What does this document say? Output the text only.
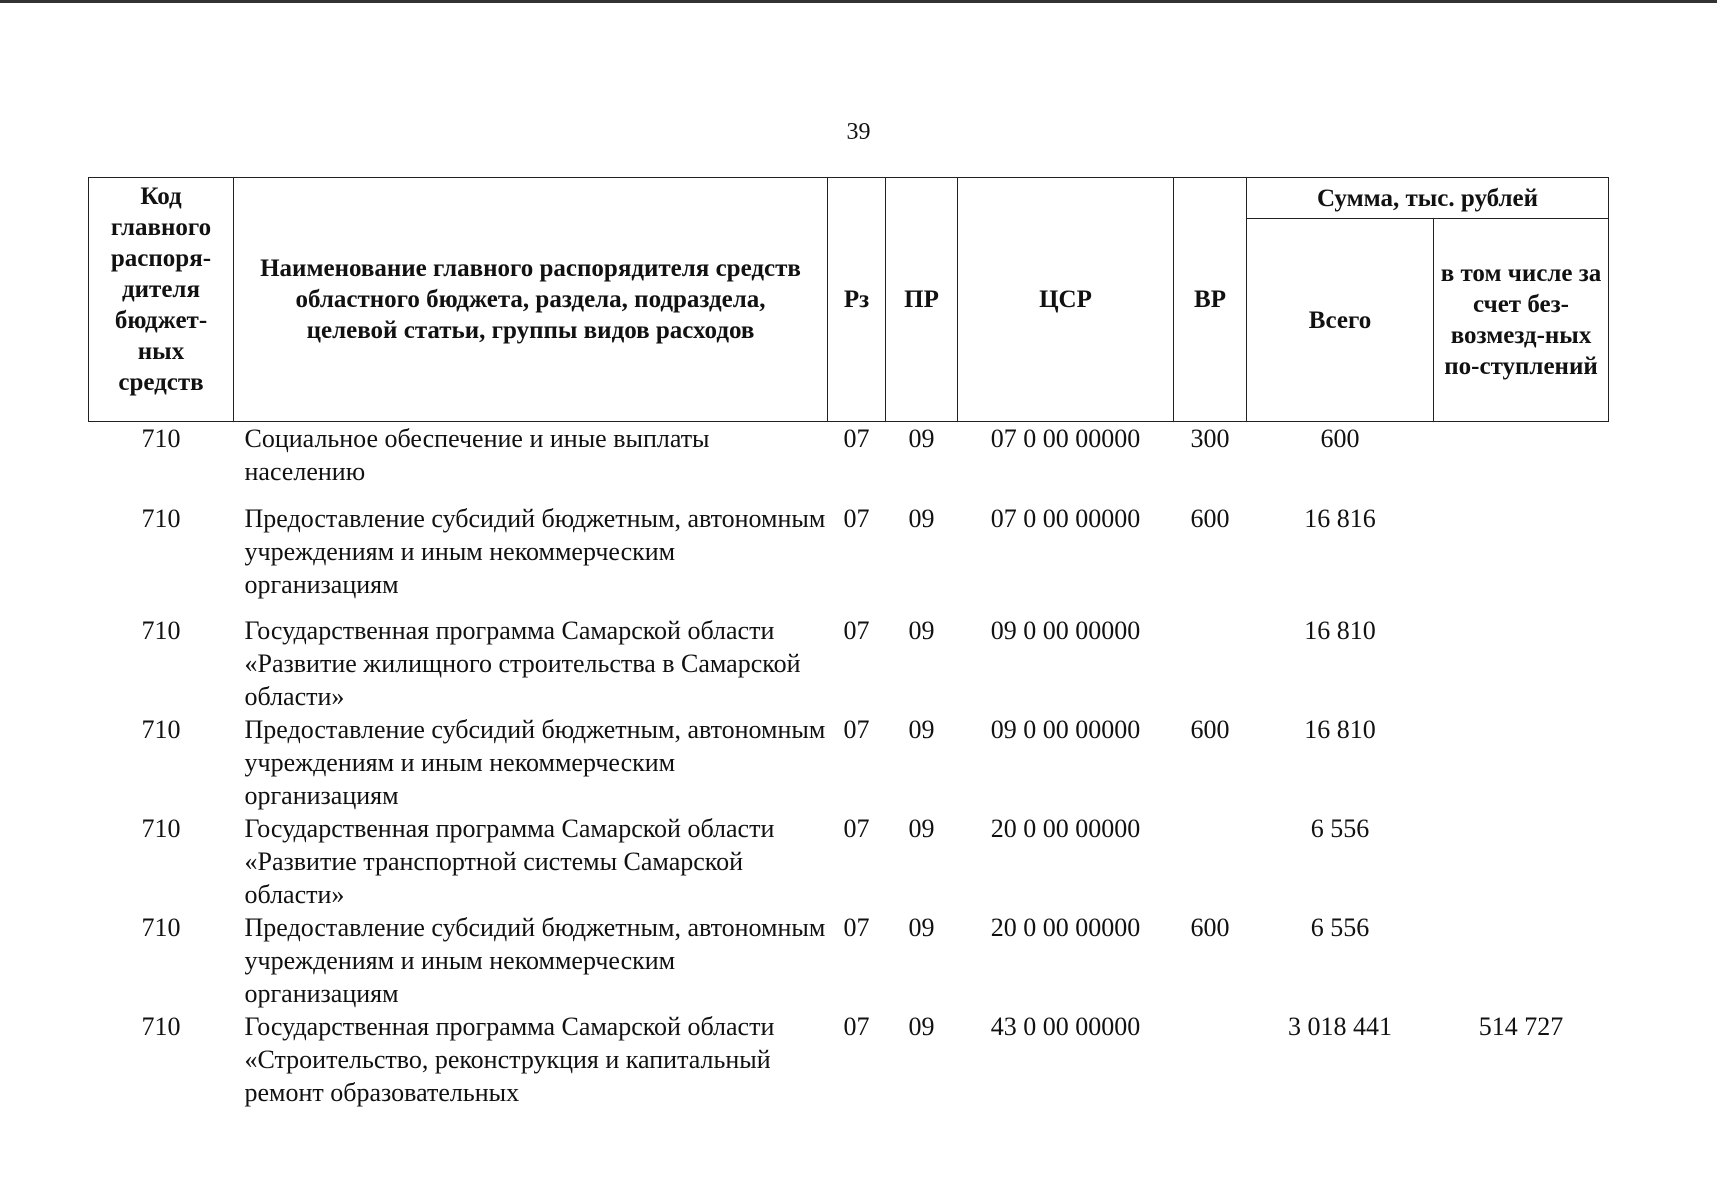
39
Код главного распоря-дителя бюджет-ных средств	Наименование главного распорядителя средств областного бюджета, раздела, подраздела, целевой статьи, группы видов расходов	Рз	ПР	ЦСР	ВР	Сумма, тыс. рублей	
						Всего	в том числе за счет без-возмезд-ных по-ступлений
710	Социальное обеспечение и иные выплаты населению	07	09	07 0 00 00000	300	600	
710	Предоставление субсидий бюджетным, автономным учреждениям и иным некоммерческим организациям	07	09	07 0 00 00000	600	16 816	
710	Государственная программа Самарской области «Развитие жилищного строительства в Самарской области»	07	09	09 0 00 00000		16 810	
710	Предоставление субсидий бюджетным, автономным учреждениям и иным некоммерческим организациям	07	09	09 0 00 00000	600	16 810	
710	Государственная программа Самарской области «Развитие транспортной системы Самарской области»	07	09	20 0 00 00000		6 556	
710	Предоставление субсидий бюджетным, автономным учреждениям и иным некоммерческим организациям	07	09	20 0 00 00000	600	6 556	
710	Государственная программа Самарской области «Строительство, реконструкция и капитальный ремонт образовательных	07	09	43 0 00 00000		3 018 441	514 727
